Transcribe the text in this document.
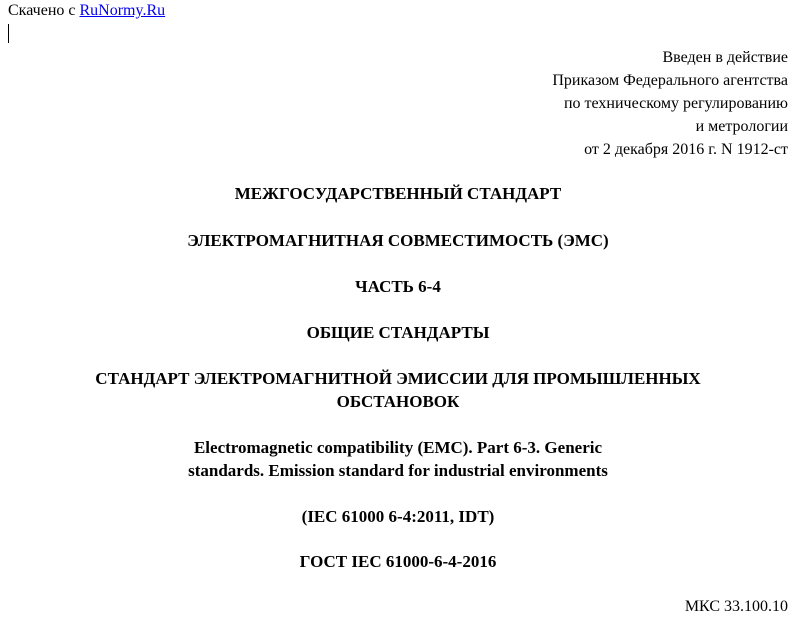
Скачено с RuNormy.Ru
Введен в действие
Приказом Федерального агентства
по техническому регулированию
и метрологии
от 2 декабря 2016 г. N 1912-ст
МЕЖГОСУДАРСТВЕННЫЙ СТАНДАРТ
ЭЛЕКТРОМАГНИТНАЯ СОВМЕСТИМОСТЬ (ЭМС)
ЧАСТЬ 6-4
ОБЩИЕ СТАНДАРТЫ
СТАНДАРТ ЭЛЕКТРОМАГНИТНОЙ ЭМИССИИ ДЛЯ ПРОМЫШЛЕННЫХ
ОБСТАНОВОК
Electromagnetic compatibility (EMC). Part 6-3. Generic
standards. Emission standard for industrial environments
(IEC 61000 6-4:2011, IDT)
ГОСТ IEC 61000-6-4-2016
МКС 33.100.10
